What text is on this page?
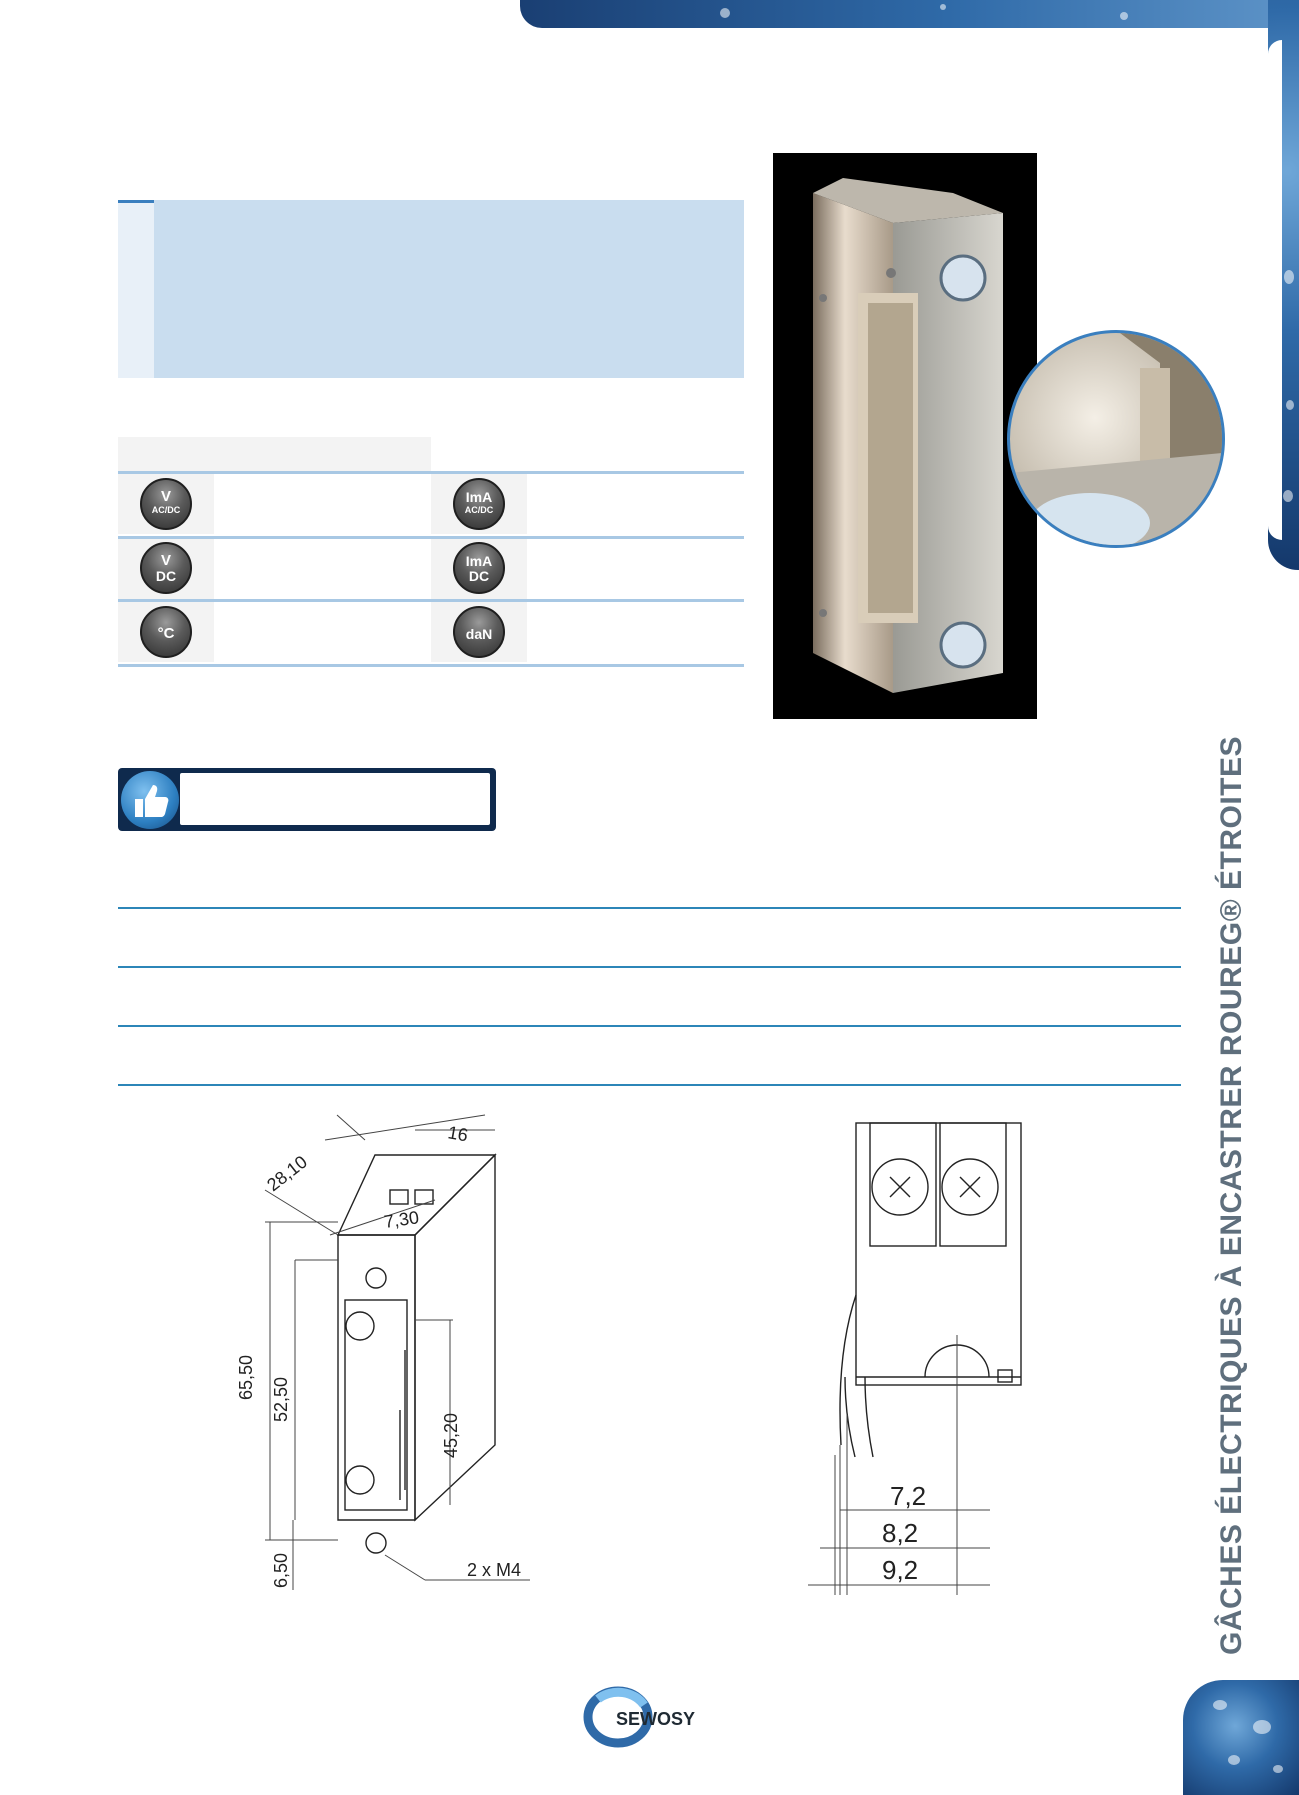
GÂCHES ÉLECTRIQUES À ENCASTRER ROUREG® ÉTROITES
V
AC/DC
ImA
AC/DC
V
DC
ImA
DC
°C	daN
16
28,10
7,30
65,50 52,50
45,20
6,50	2 x M4
7,2
8,2
9,2
SEWOSY
